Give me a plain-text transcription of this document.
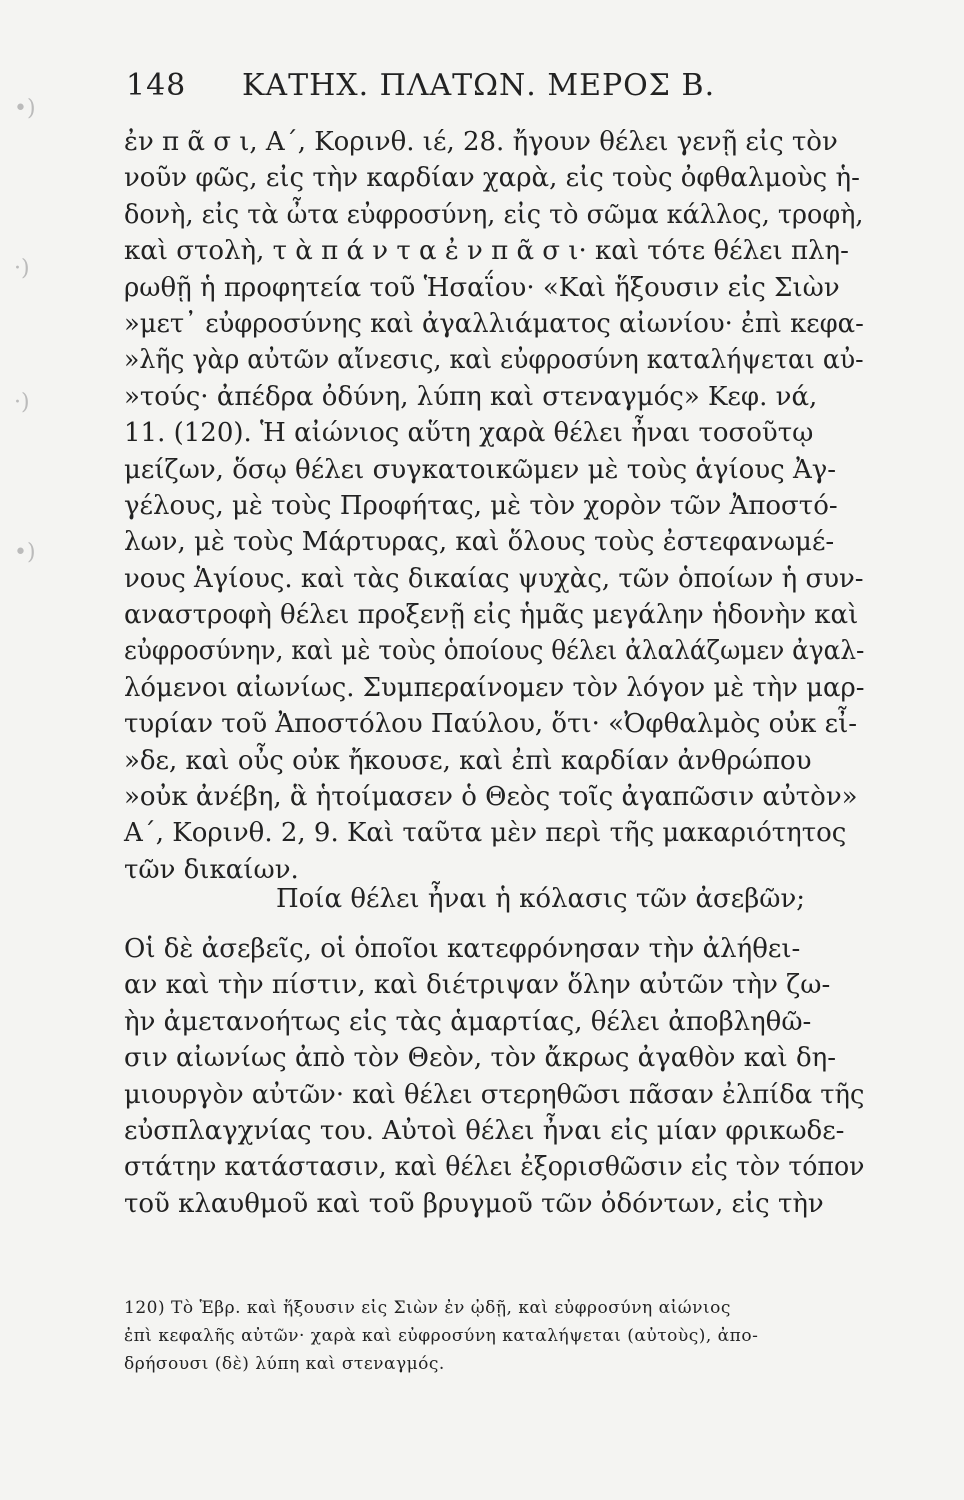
•)
·)
·)
•)
148 ΚΑΤΗΧ. ΠΛΑΤΩΝ. ΜΕΡΟΣ Β.
ἐν π ᾶ σ ι, Α΄, Κορινθ. ιέ, 28. ἤγουν θέλει γενῇ εἰς τὸν
νοῦν φῶς, εἰς τὴν καρδίαν χαρὰ, εἰς τοὺς ὀφθαλμοὺς ἡ-
δονὴ, εἰς τὰ ὦτα εὐφροσύνη, εἰς τὸ σῶμα κάλλος, τροφὴ,
καὶ στολὴ, τ ὰ π ά ν τ α ἐ ν π ᾶ σ ι· καὶ τότε θέλει πλη-
ρωθῇ ἡ προφητεία τοῦ Ἡσαΐου· «Καὶ ἥξουσιν εἰς Σιὼν
»μετ᾽ εὐφροσύνης καὶ ἀγαλλιάματος αἰωνίου· ἐπὶ κεφα-
»λῆς γὰρ αὐτῶν αἴνεσις, καὶ εὐφροσύνη καταλήψεται αὐ-
»τούς· ἀπέδρα ὀδύνη, λύπη καὶ στεναγμός» Κεφ. νά,
11. (120). Ἡ αἰώνιος αὕτη χαρὰ θέλει ἦναι τοσοῦτῳ
μείζων, ὅσῳ θέλει συγκατοικῶμεν μὲ τοὺς ἁγίους Ἀγ-
γέλους, μὲ τοὺς Προφήτας, μὲ τὸν χορὸν τῶν Ἀποστό-
λων, μὲ τοὺς Μάρτυρας, καὶ ὅλους τοὺς ἐστεφανωμέ-
νους Ἁγίους. καὶ τὰς δικαίας ψυχὰς, τῶν ὁποίων ἡ συν-
αναστροφὴ θέλει προξενῇ εἰς ἡμᾶς μεγάλην ἡδονὴν καὶ
εὐφροσύνην, καὶ μὲ τοὺς ὁποίους θέλει ἀλαλάζωμεν ἀγαλ-
λόμενοι αἰωνίως. Συμπεραίνομεν τὸν λόγον μὲ τὴν μαρ-
τυρίαν τοῦ Ἀποστόλου Παύλου, ὅτι· «Ὀφθαλμὸς οὐκ εἶ-
»δε, καὶ οὖς οὐκ ἤκουσε, καὶ ἐπὶ καρδίαν ἀνθρώπου
»οὐκ ἀνέβη, ἃ ἡτοίμασεν ὁ Θεὸς τοῖς ἀγαπῶσιν αὐτὸν»
Α΄, Κορινθ. 2, 9. Καὶ ταῦτα μὲν περὶ τῆς μακαριότητος
τῶν δικαίων.
Ποία θέλει ἦναι ἡ κόλασις τῶν ἀσεβῶν;
Οἱ δὲ ἀσεβεῖς, οἱ ὁποῖοι κατεφρόνησαν τὴν ἀλήθει-
αν καὶ τὴν πίστιν, καὶ διέτριψαν ὅλην αὐτῶν τὴν ζω-
ὴν ἀμετανοήτως εἰς τὰς ἁμαρτίας, θέλει ἀποβληθῶ-
σιν αἰωνίως ἀπὸ τὸν Θεὸν, τὸν ἄκρως ἀγαθὸν καὶ δη-
μιουργὸν αὐτῶν· καὶ θέλει στερηθῶσι πᾶσαν ἐλπίδα τῆς
εὐσπλαγχνίας του. Αὐτοὶ θέλει ἦναι εἰς μίαν φρικωδε-
στάτην κατάστασιν, καὶ θέλει ἐξορισθῶσιν εἰς τὸν τόπον
τοῦ κλαυθμοῦ καὶ τοῦ βρυγμοῦ τῶν ὀδόντων, εἰς τὴν
120) Τὸ Ἑβρ. καὶ ἥξουσιν εἰς Σιὼν ἐν ᾠδῇ, καὶ εὐφροσύνη αἰώνιος
ἐπὶ κεφαλῆς αὐτῶν· χαρὰ καὶ εὐφροσύνη καταλήψεται (αὐτοὺς), ἀπο-
δρήσουσι (δὲ) λύπη καὶ στεναγμός.
